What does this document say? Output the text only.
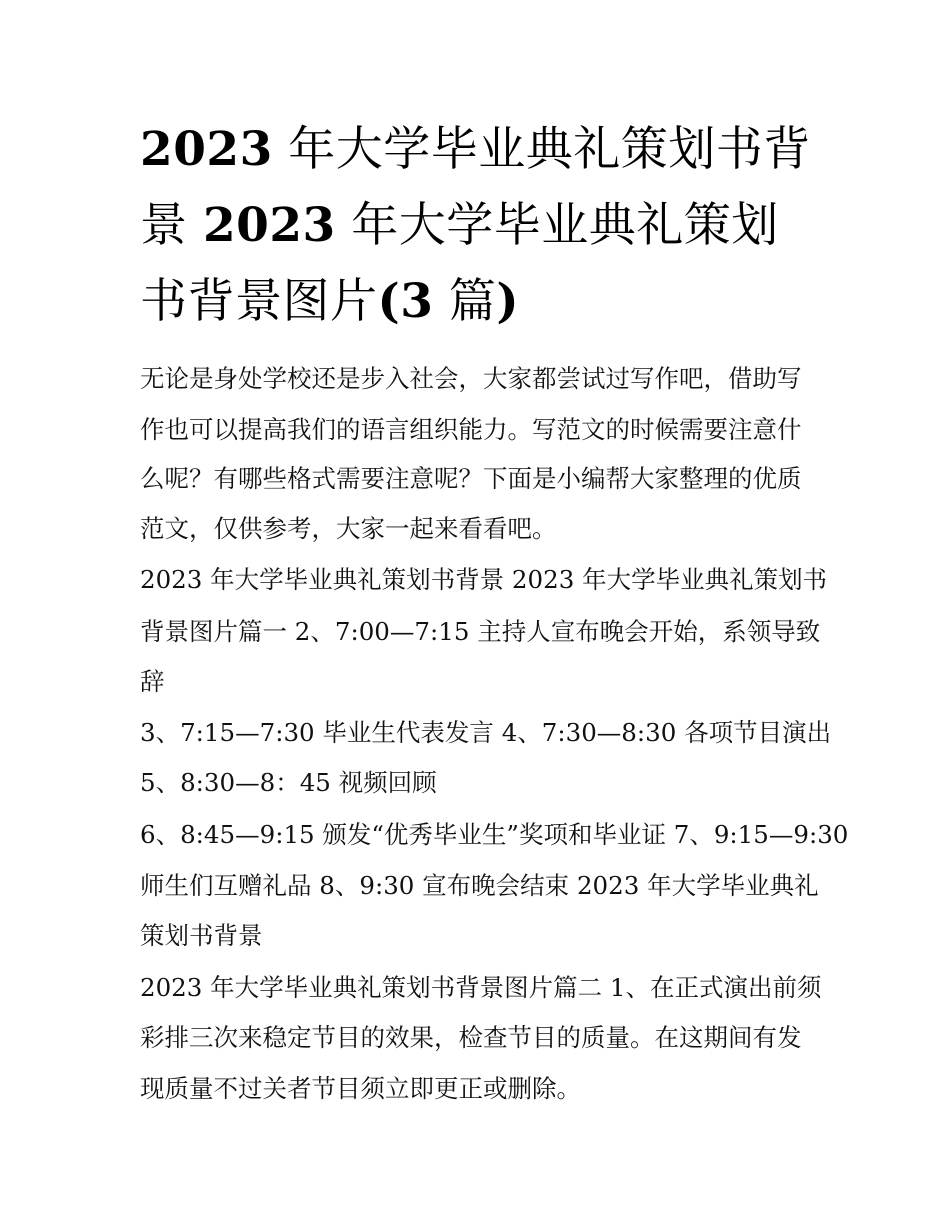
2023 年大学毕业典礼策划书背
景 2023 年大学毕业典礼策划
书背景图片(3 篇)

无论是身处学校还是步入社会，大家都尝试过写作吧，借助写

作也可以提高我们的语言组织能力。写范文的时候需要注意什

么呢？有哪些格式需要注意呢？下面是小编帮大家整理的优质

范文，仅供参考，大家一起来看看吧。

2023 年大学毕业典礼策划书背景 2023 年大学毕业典礼策划书

背景图片篇一 2、7:00—7:15 主持人宣布晚会开始，系领导致

辞

3、7:15—7:30 毕业生代表发言 4、7:30—8:30 各项节目演出

5、8:30—8：45 视频回顾

6、8:45—9:15 颁发“优秀毕业生”奖项和毕业证 7、9:15—9:30

师生们互赠礼品 8、9:30 宣布晚会结束 2023 年大学毕业典礼

策划书背景

2023 年大学毕业典礼策划书背景图片篇二 1、在正式演出前须

彩排三次来稳定节目的效果，检查节目的质量。在这期间有发

现质量不过关者节目须立即更正或删除。
